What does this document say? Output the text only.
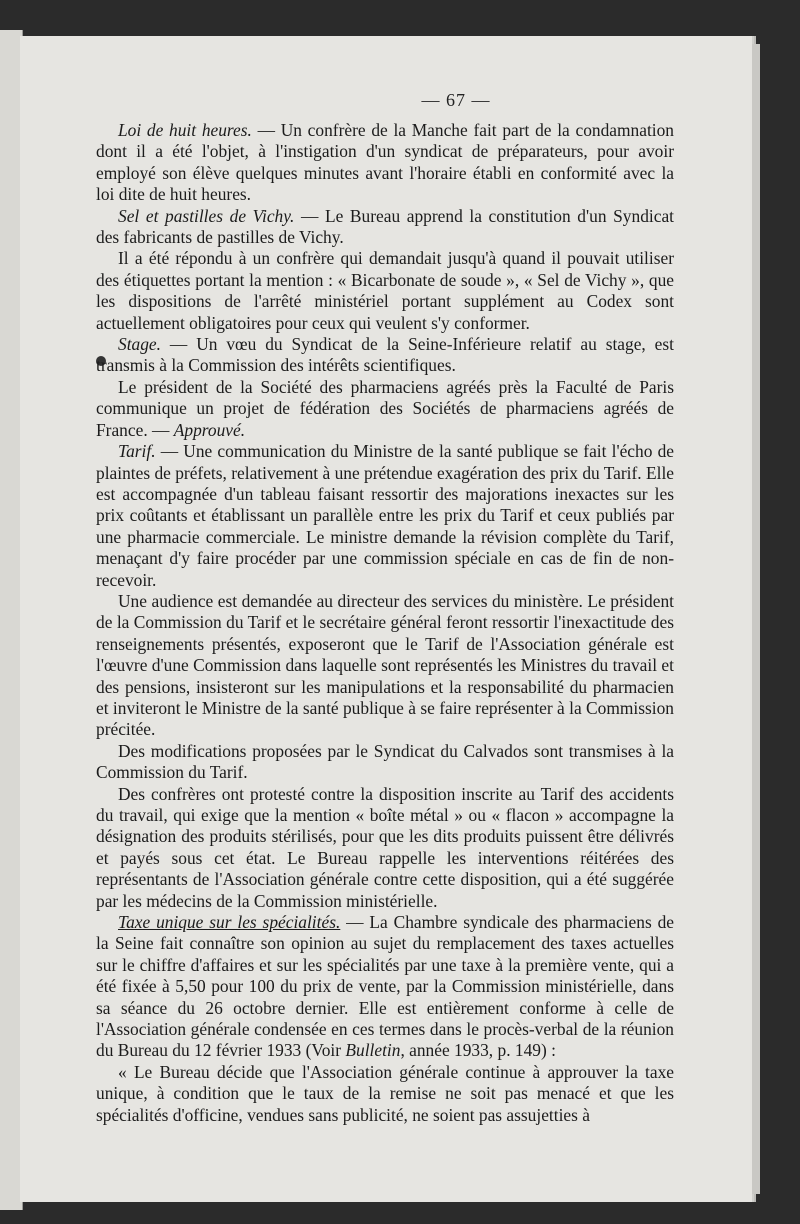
— 67 —

Loi de huit heures. — Un confrère de la Manche fait part de la condamnation dont il a été l'objet, à l'instigation d'un syndicat de préparateurs, pour avoir employé son élève quelques minutes avant l'horaire établi en conformité avec la loi dite de huit heures.

Sel et pastilles de Vichy. — Le Bureau apprend la constitution d'un Syndicat des fabricants de pastilles de Vichy.

Il a été répondu à un confrère qui demandait jusqu'à quand il pouvait utiliser des étiquettes portant la mention : « Bicarbonate de soude », « Sel de Vichy », que les dispositions de l'arrêté ministériel portant supplément au Codex sont actuellement obligatoires pour ceux qui veulent s'y conformer.

Stage. — Un vœu du Syndicat de la Seine-Inférieure relatif au stage, est transmis à la Commission des intérêts scientifiques.

Le président de la Société des pharmaciens agréés près la Faculté de Paris communique un projet de fédération des Sociétés de pharmaciens agréés de France. — Approuvé.

Tarif. — Une communication du Ministre de la santé publique se fait l'écho de plaintes de préfets, relativement à une prétendue exagération des prix du Tarif. Elle est accompagnée d'un tableau faisant ressortir des majorations inexactes sur les prix coûtants et établissant un parallèle entre les prix du Tarif et ceux publiés par une pharmacie commerciale. Le ministre demande la révision complète du Tarif, menaçant d'y faire procéder par une commission spéciale en cas de fin de non-recevoir.

Une audience est demandée au directeur des services du ministère. Le président de la Commission du Tarif et le secrétaire général feront ressortir l'inexactitude des renseignements présentés, exposeront que le Tarif de l'Association générale est l'œuvre d'une Commission dans laquelle sont représentés les Ministres du travail et des pensions, insisteront sur les manipulations et la responsabilité du pharmacien et inviteront le Ministre de la santé publique à se faire représenter à la Commission précitée.

Des modifications proposées par le Syndicat du Calvados sont transmises à la Commission du Tarif.

Des confrères ont protesté contre la disposition inscrite au Tarif des accidents du travail, qui exige que la mention « boîte métal » ou « flacon » accompagne la désignation des produits stérilisés, pour que les dits produits puissent être délivrés et payés sous cet état. Le Bureau rappelle les interventions réitérées des représentants de l'Association générale contre cette disposition, qui a été suggérée par les médecins de la Commission ministérielle.

Taxe unique sur les spécialités. — La Chambre syndicale des pharmaciens de la Seine fait connaître son opinion au sujet du remplacement des taxes actuelles sur le chiffre d'affaires et sur les spécialités par une taxe à la première vente, qui a été fixée à 5,50 pour 100 du prix de vente, par la Commission ministérielle, dans sa séance du 26 octobre dernier. Elle est entièrement conforme à celle de l'Association générale condensée en ces termes dans le procès-verbal de la réunion du Bureau du 12 février 1933 (Voir Bulletin, année 1933, p. 149) :

« Le Bureau décide que l'Association générale continue à approuver la taxe unique, à condition que le taux de la remise ne soit pas menacé et que les spécialités d'officine, vendues sans publicité, ne soient pas assujetties à
